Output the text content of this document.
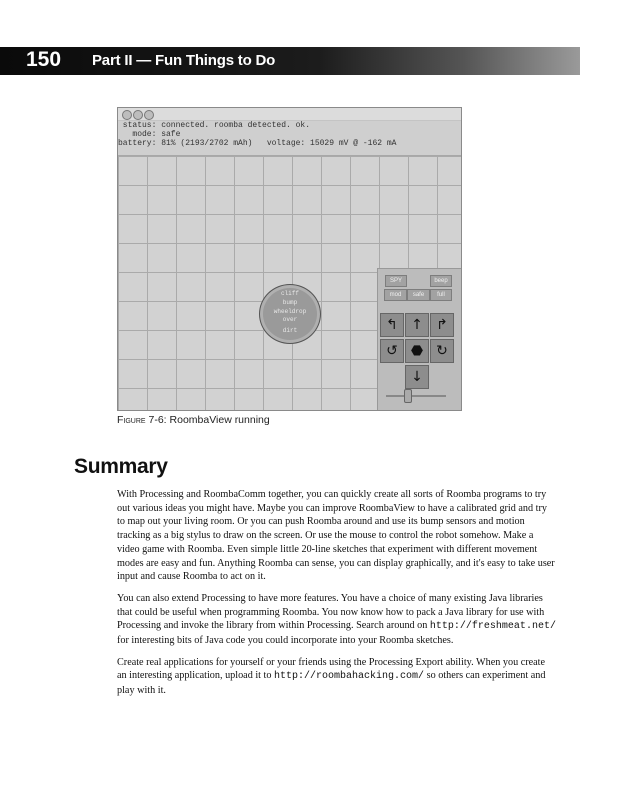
150 Part II — Fun Things to Do
status: connected. roomba detected. ok.
mode: safe
battery: 81% (2193/2702 mAh)   voltage: 15029 mV @ -162 mA
cliff
bump
wheeldrop
over
dirt
SPY	beep
mod	safe	full
↰ ↑ ↱
↺ ⬣ ↻
↓
Figure 7-6: RoombaView running
Summary

With Processing and RoombaComm together, you can quickly create all sorts of Roomba programs to try out various ideas you might have. Maybe you can improve RoombaView to have a calibrated grid and try to map out your living room. Or you can push Roomba around and use its bump sensors and motion tracking as a big stylus to draw on the screen. Or use the mouse to control the robot somehow. Make a video game with Roomba. Even simple little 20-line sketches that experiment with different movement modes are easy and fun. Anything Roomba can sense, you can display graphically, and it's easy to take user input and cause Roomba to act on it.

You can also extend Processing to have more features. You have a choice of many existing Java libraries that could be useful when programming Roomba. You now know how to pack a Java library for use with Processing and invoke the library from within Processing. Search around on http://freshmeat.net/ for interesting bits of Java code you could incorporate into your Roomba sketches.

Create real applications for yourself or your friends using the Processing Export ability. When you create an interesting application, upload it to http://roombahacking.com/ so others can experiment and play with it.
